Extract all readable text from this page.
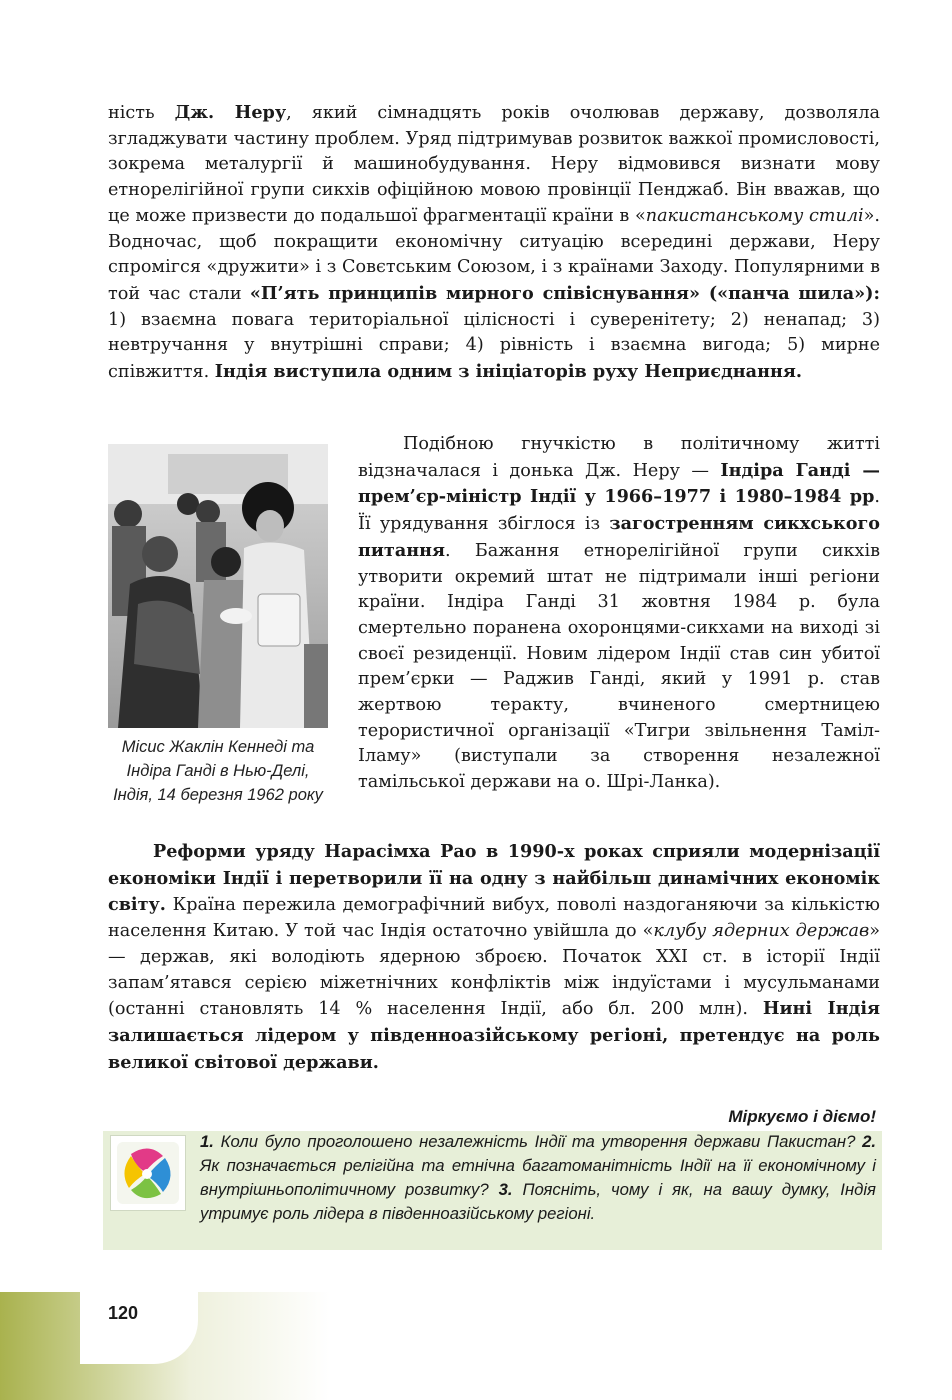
ність Дж. Неру, який сімнадцять років очолював державу, дозволяла згладжувати частину проблем. Уряд підтримував розвиток важкої промисловості, зокрема металургії й машинобудування. Неру відмовився визнати мову етнорелігійної групи сикхів офіційною мовою провінції Пенджаб. Він вважав, що це може призвести до подальшої фрагментації країни в «пакистанському стилі». Водночас, щоб покращити економічну ситуацію всередині держави, Неру спромігся «дружити» і з Совєтським Союзом, і з країнами Заходу. Популярними в той час стали «П’ять принципів мирного співіснування» («панча шила»): 1) взаємна повага територіальної цілісності і суверенітету; 2) ненапад; 3) невтручання у внутрішні справи; 4) рівність і взаємна вигода; 5) мирне співжиття. Індія виступила одним з ініціаторів руху Неприєднання.

Місис Жаклін Кеннеді та Індіра Ганді в Нью-Делі, Індія, 14 березня 1962 року

Подібною гнучкістю в політичному житті відзначалася і донька Дж. Неру — Індіра Ганді — прем’єр-міністр Індії у 1966–1977 і 1980–1984 рр. Її урядування збіглося із загостренням сикхського питання. Бажання етнорелігійної групи сикхів утворити окремий штат не підтримали інші регіони країни. Індіра Ганді 31 жовтня 1984 р. була смертельно поранена охоронцями-сикхами на виході зі своєї резиденції. Новим лідером Індії став син убитої прем’єрки — Раджив Ганді, який у 1991 р. став жертвою теракту, вчиненого смертницею терористичної організації «Тигри звільнення Таміл-Іламу» (виступали за створення незалежної тамільської держави на о. Шрі-Ланка).

Реформи уряду Нарасімха Рао в 1990-х роках сприяли модернізації економіки Індії і перетворили її на одну з найбільш динамічних економік світу. Країна пережила демографічний вибух, поволі наздоганяючи за кількістю населення Китаю. У той час Індія остаточно увійшла до «клубу ядерних держав» — держав, які володіють ядерною зброєю. Початок XXI ст. в історії Індії запам’ятався серією міжетнічних конфліктів між індуїстами і мусульманами (останні становлять 14 % населення Індії, або бл. 200 млн). Нині Індія залишається лідером у південноазійському регіоні, претендує на роль великої світової держави.

Міркуємо і діємо!

1. Коли було проголошено незалежність Індії та утворення держави Пакистан? 2. Як позначається релігійна та етнічна багатоманітність Індії на її економічному і внутрішньополітичному розвитку? 3. Поясніть, чому і як, на вашу думку, Індія утримує роль лідера в південноазійському регіоні.

120
